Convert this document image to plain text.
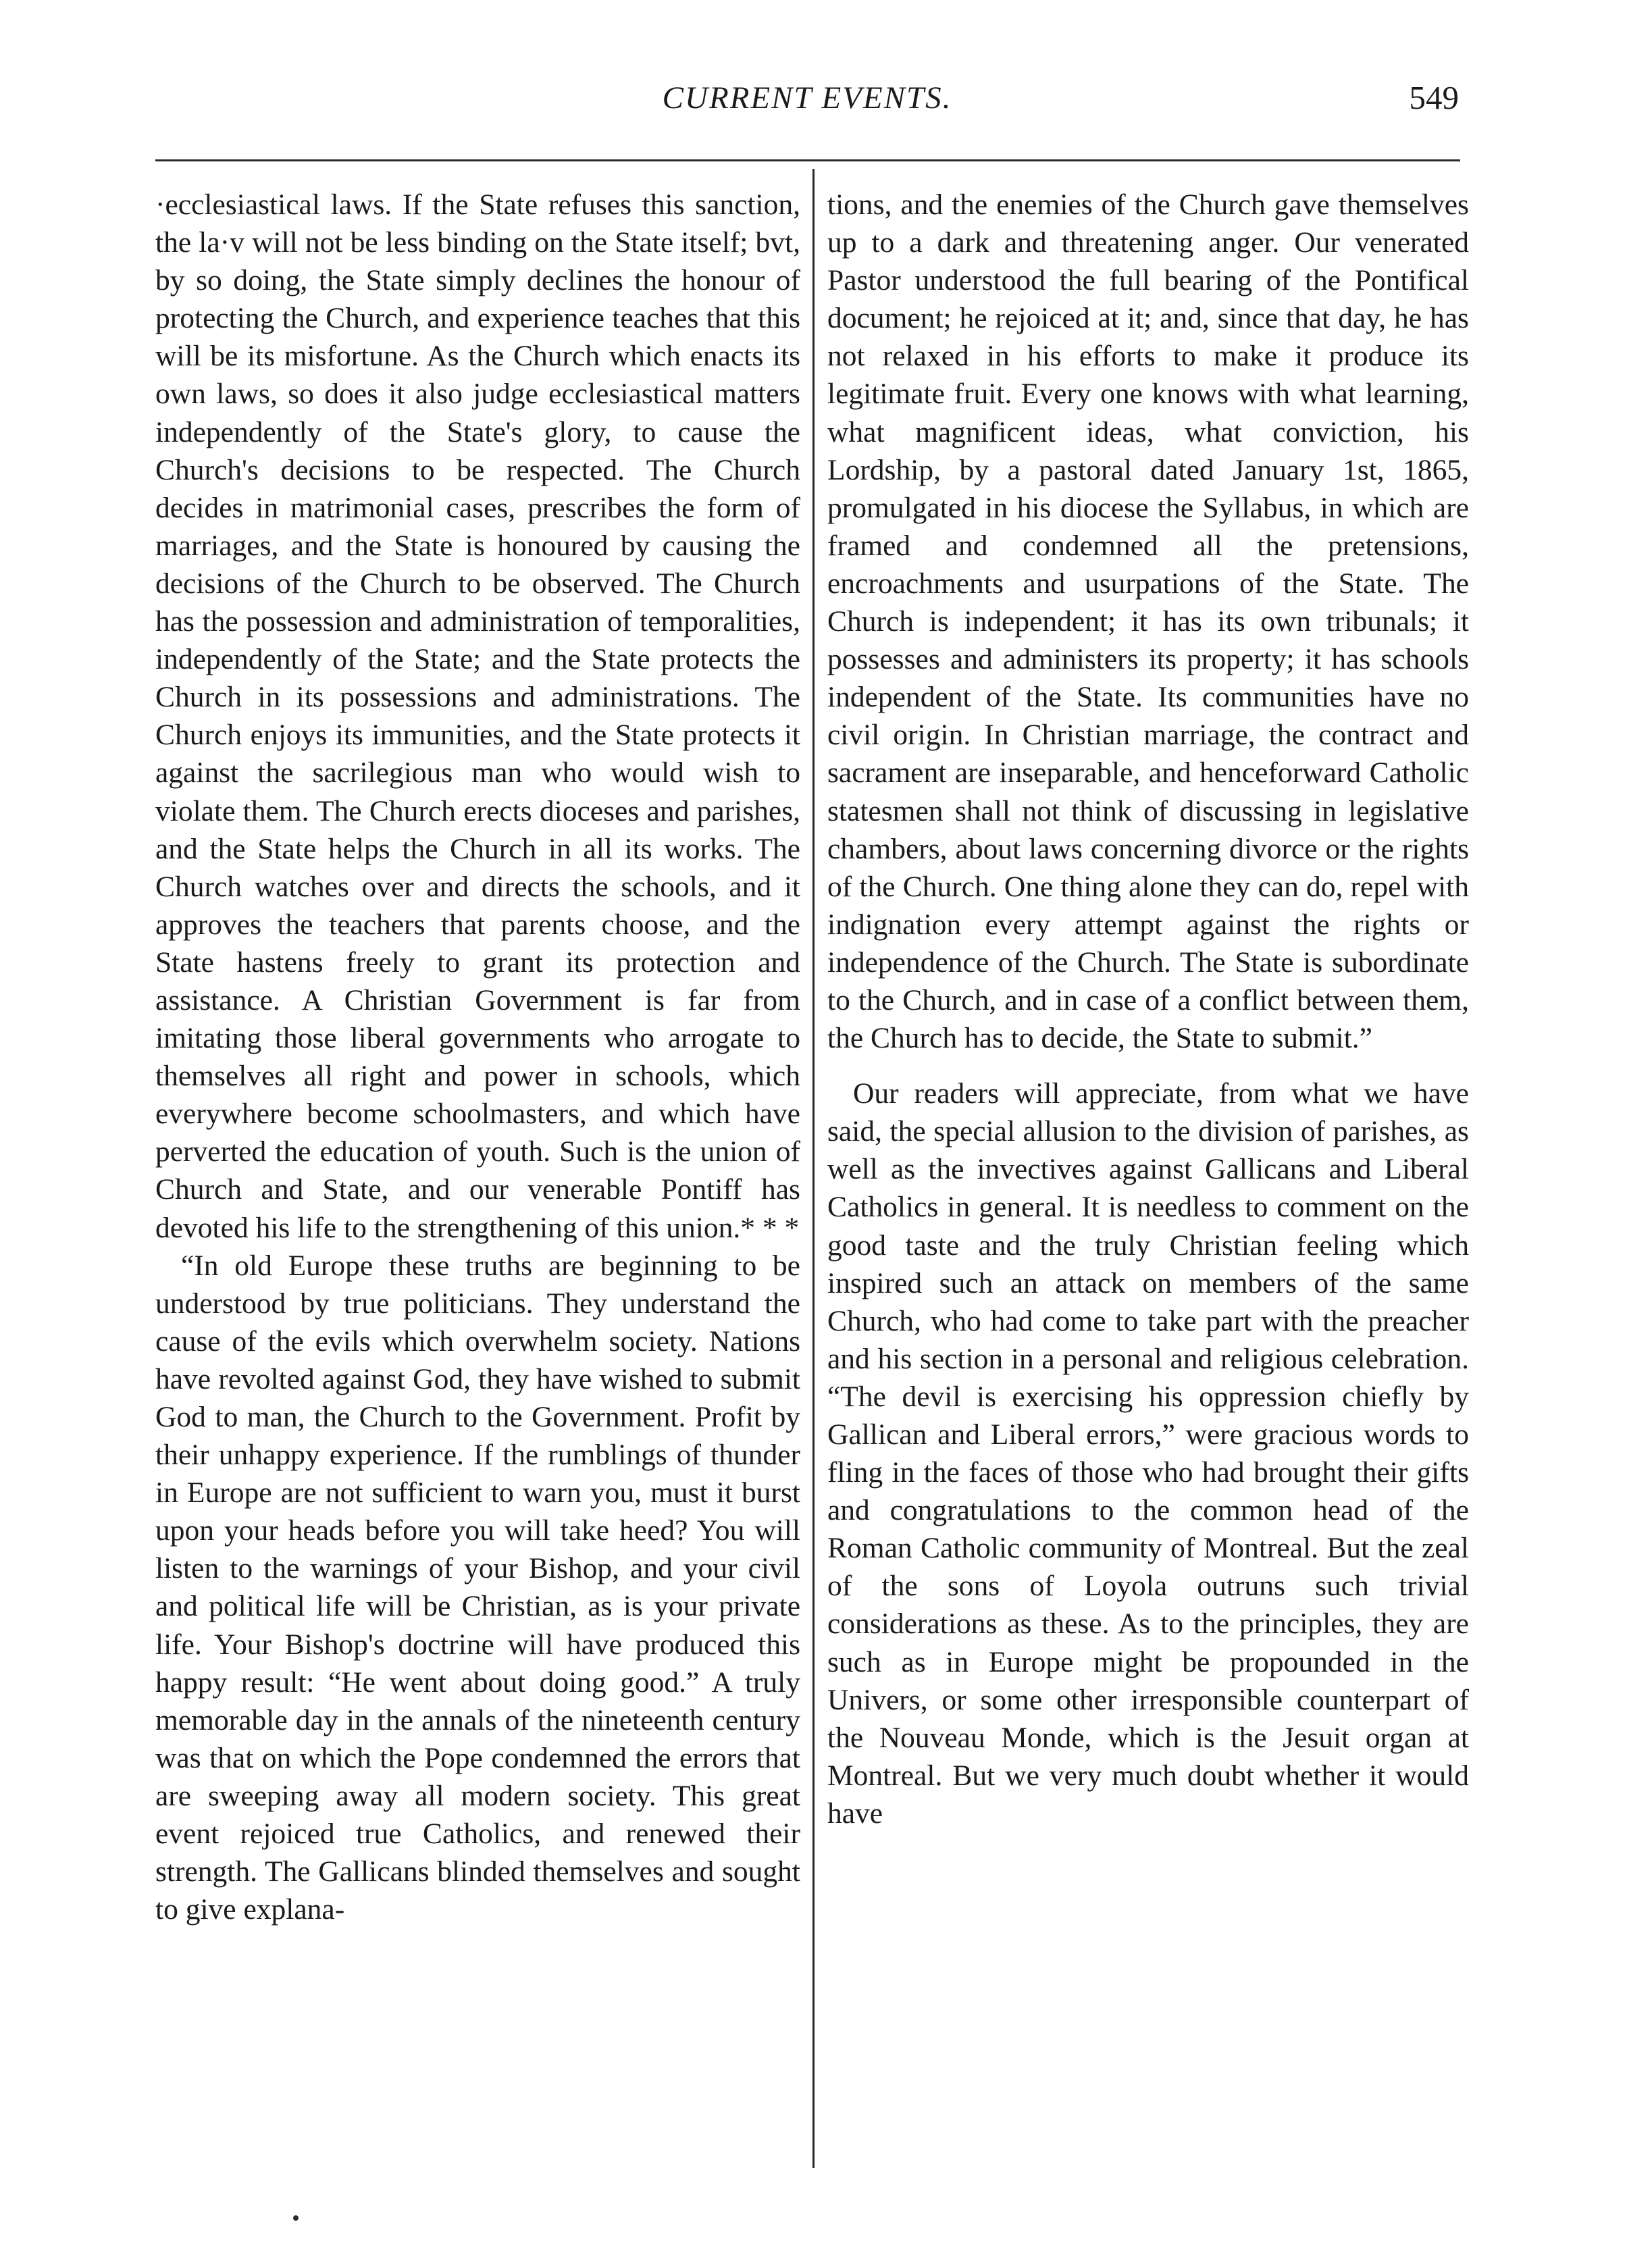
CURRENT EVENTS.	549

·ecclesiastical laws. If the State refuses this sanction, the la·v will not be less binding on the State itself; bvt, by so doing, the State simply declines the honour of protecting the Church, and experience teaches that this will be its misfortune. As the Church which enacts its own laws, so does it also judge ecclesiastical matters independently of the State's glory, to cause the Church's decisions to be respected. The Church decides in matrimonial cases, prescribes the form of marriages, and the State is honoured by causing the decisions of the Church to be observed. The Church has the possession and administration of temporalities, independently of the State; and the State protects the Church in its possessions and administrations. The Church enjoys its immunities, and the State protects it against the sacrilegious man who would wish to violate them. The Church erects dioceses and parishes, and the State helps the Church in all its works. The Church watches over and directs the schools, and it approves the teachers that parents choose, and the State hastens freely to grant its protection and assistance. A Christian Government is far from imitating those liberal governments who arrogate to themselves all right and power in schools, which everywhere become schoolmasters, and which have perverted the education of youth. Such is the union of Church and State, and our venerable Pontiff has devoted his life to the strengthening of this union.* * *

“In old Europe these truths are beginning to be understood by true politicians. They understand the cause of the evils which overwhelm society. Nations have revolted against God, they have wished to submit God to man, the Church to the Government. Profit by their unhappy experience. If the rumblings of thunder in Europe are not sufficient to warn you, must it burst upon your heads before you will take heed? You will listen to the warnings of your Bishop, and your civil and political life will be Christian, as is your private life. Your Bishop's doctrine will have produced this happy result: “He went about doing good.” A truly memorable day in the annals of the nineteenth century was that on which the Pope condemned the errors that are sweeping away all modern society. This great event rejoiced true Catholics, and renewed their strength. The Gallicans blinded themselves and sought to give explana-

tions, and the enemies of the Church gave themselves up to a dark and threatening anger. Our venerated Pastor understood the full bearing of the Pontifical document; he rejoiced at it; and, since that day, he has not relaxed in his efforts to make it produce its legitimate fruit. Every one knows with what learning, what magnificent ideas, what conviction, his Lordship, by a pastoral dated January 1st, 1865, promulgated in his diocese the Syllabus, in which are framed and condemned all the pretensions, encroachments and usurpations of the State. The Church is independent; it has its own tribunals; it possesses and administers its property; it has schools independent of the State. Its communities have no civil origin. In Christian marriage, the contract and sacrament are inseparable, and henceforward Catholic statesmen shall not think of discussing in legislative chambers, about laws concerning divorce or the rights of the Church. One thing alone they can do, repel with indignation every attempt against the rights or independence of the Church. The State is subordinate to the Church, and in case of a conflict between them, the Church has to decide, the State to submit.”

Our readers will appreciate, from what we have said, the special allusion to the division of parishes, as well as the invectives against Gallicans and Liberal Catholics in general. It is needless to comment on the good taste and the truly Christian feeling which inspired such an attack on members of the same Church, who had come to take part with the preacher and his section in a personal and religious celebration. “The devil is exercising his oppression chiefly by Gallican and Liberal errors,” were gracious words to fling in the faces of those who had brought their gifts and congratulations to the common head of the Roman Catholic community of Montreal. But the zeal of the sons of Loyola outruns such trivial considerations as these. As to the principles, they are such as in Europe might be propounded in the Univers, or some other irresponsible counterpart of the Nouveau Monde, which is the Jesuit organ at Montreal. But we very much doubt whether it would have
